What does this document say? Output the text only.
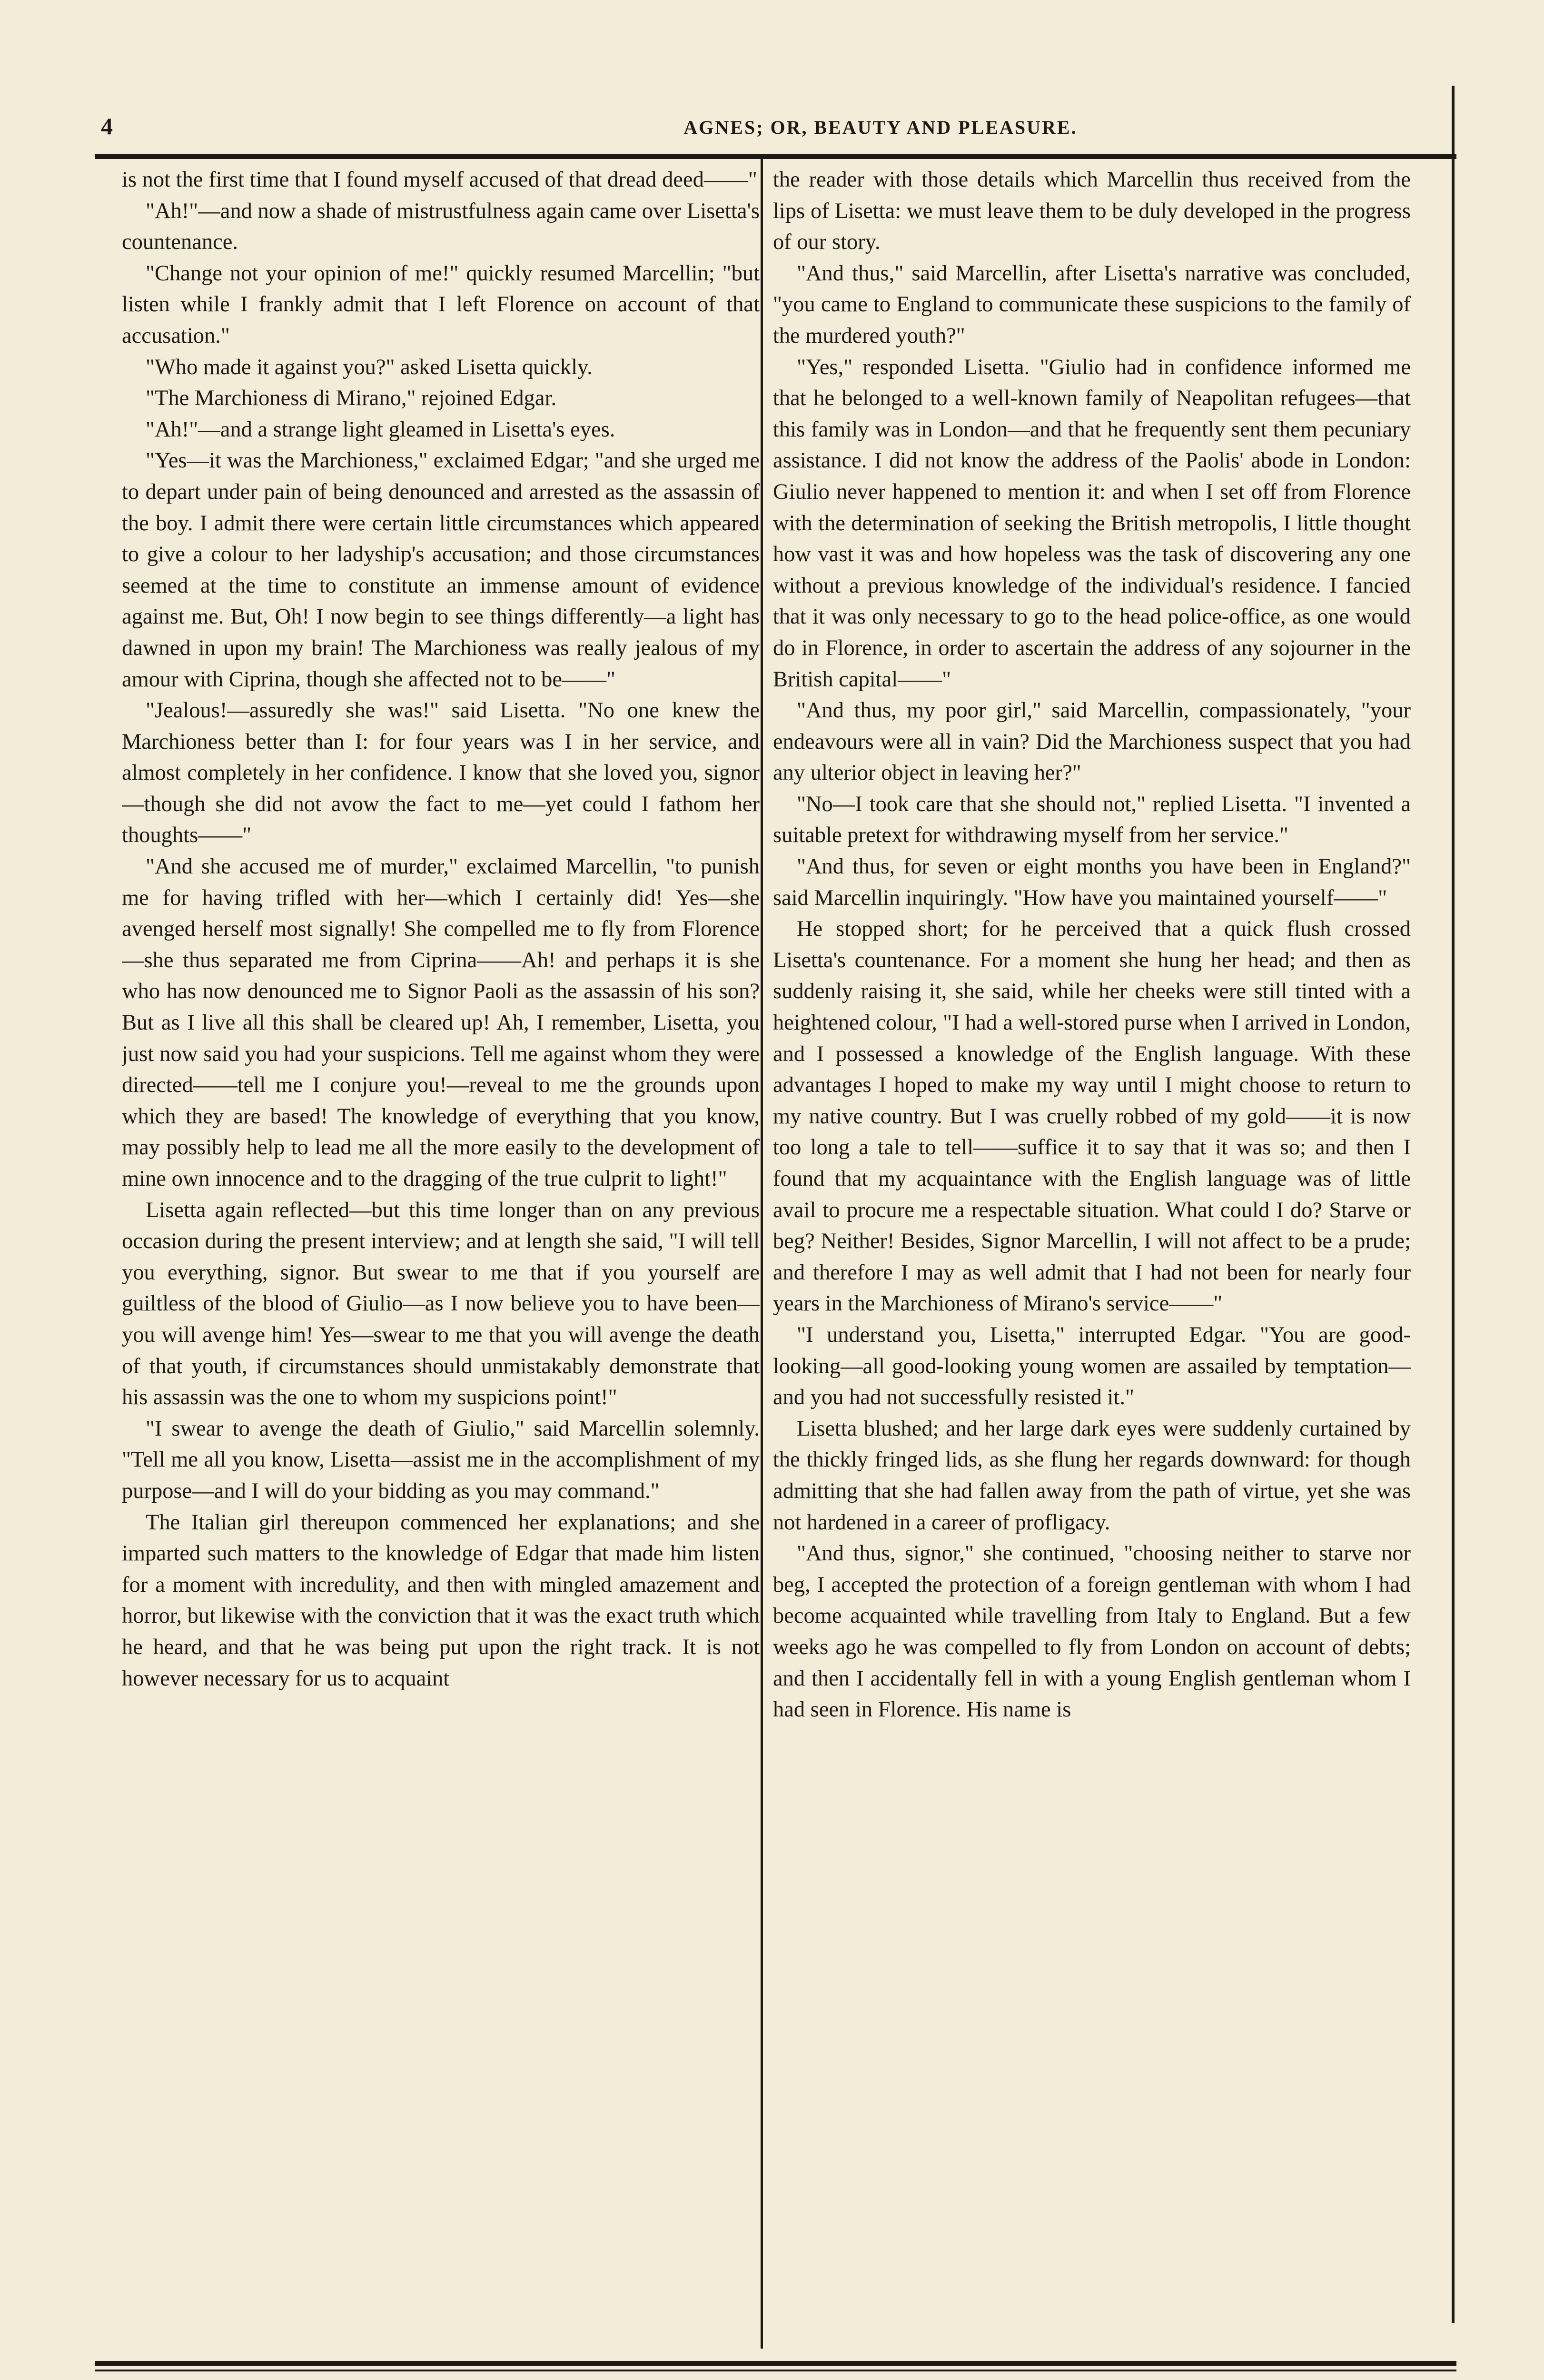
4	AGNES; OR, BEAUTY AND PLEASURE.

is not the first time that I found myself accused of that dread deed——"

"Ah!"—and now a shade of mistrustfulness again came over Lisetta's countenance.

"Change not your opinion of me!" quickly resumed Marcellin; "but listen while I frankly admit that I left Florence on account of that accusation."

"Who made it against you?" asked Lisetta quickly.

"The Marchioness di Mirano," rejoined Edgar.

"Ah!"—and a strange light gleamed in Lisetta's eyes.

"Yes—it was the Marchioness," exclaimed Edgar; "and she urged me to depart under pain of being denounced and arrested as the assassin of the boy. I admit there were certain little circumstances which appeared to give a colour to her ladyship's accusation; and those circumstances seemed at the time to constitute an immense amount of evidence against me. But, Oh! I now begin to see things differently—a light has dawned in upon my brain! The Marchioness was really jealous of my amour with Ciprina, though she affected not to be——"

"Jealous!—assuredly she was!" said Lisetta. "No one knew the Marchioness better than I: for four years was I in her service, and almost completely in her confidence. I know that she loved you, signor—though she did not avow the fact to me—yet could I fathom her thoughts——"

"And she accused me of murder," exclaimed Marcellin, "to punish me for having trifled with her—which I certainly did! Yes—she avenged herself most signally! She compelled me to fly from Florence—she thus separated me from Ciprina——Ah! and perhaps it is she who has now denounced me to Signor Paoli as the assassin of his son? But as I live all this shall be cleared up! Ah, I remember, Lisetta, you just now said you had your suspicions. Tell me against whom they were directed——tell me I conjure you!—reveal to me the grounds upon which they are based! The knowledge of everything that you know, may possibly help to lead me all the more easily to the development of mine own innocence and to the dragging of the true culprit to light!"

Lisetta again reflected—but this time longer than on any previous occasion during the present interview; and at length she said, "I will tell you everything, signor. But swear to me that if you yourself are guiltless of the blood of Giulio—as I now believe you to have been—you will avenge him! Yes—swear to me that you will avenge the death of that youth, if circumstances should unmistakably demonstrate that his assassin was the one to whom my suspicions point!"

"I swear to avenge the death of Giulio," said Marcellin solemnly. "Tell me all you know, Lisetta—assist me in the accomplishment of my purpose—and I will do your bidding as you may command."

The Italian girl thereupon commenced her explanations; and she imparted such matters to the knowledge of Edgar that made him listen for a moment with incredulity, and then with mingled amazement and horror, but likewise with the conviction that it was the exact truth which he heard, and that he was being put upon the right track. It is not however necessary for us to acquaint

the reader with those details which Marcellin thus received from the lips of Lisetta: we must leave them to be duly developed in the progress of our story.

"And thus," said Marcellin, after Lisetta's narrative was concluded, "you came to England to communicate these suspicions to the family of the murdered youth?"

"Yes," responded Lisetta. "Giulio had in confidence informed me that he belonged to a well-known family of Neapolitan refugees—that this family was in London—and that he frequently sent them pecuniary assistance. I did not know the address of the Paolis' abode in London: Giulio never happened to mention it: and when I set off from Florence with the determination of seeking the British metropolis, I little thought how vast it was and how hopeless was the task of discovering any one without a previous knowledge of the individual's residence. I fancied that it was only necessary to go to the head police-office, as one would do in Florence, in order to ascertain the address of any sojourner in the British capital——"

"And thus, my poor girl," said Marcellin, compassionately, "your endeavours were all in vain? Did the Marchioness suspect that you had any ulterior object in leaving her?"

"No—I took care that she should not," replied Lisetta. "I invented a suitable pretext for withdrawing myself from her service."

"And thus, for seven or eight months you have been in England?" said Marcellin inquiringly. "How have you maintained yourself——"

He stopped short; for he perceived that a quick flush crossed Lisetta's countenance. For a moment she hung her head; and then as suddenly raising it, she said, while her cheeks were still tinted with a heightened colour, "I had a well-stored purse when I arrived in London, and I possessed a knowledge of the English language. With these advantages I hoped to make my way until I might choose to return to my native country. But I was cruelly robbed of my gold——it is now too long a tale to tell——suffice it to say that it was so; and then I found that my acquaintance with the English language was of little avail to procure me a respectable situation. What could I do? Starve or beg? Neither! Besides, Signor Marcellin, I will not affect to be a prude; and therefore I may as well admit that I had not been for nearly four years in the Marchioness of Mirano's service——"

"I understand you, Lisetta," interrupted Edgar. "You are good-looking—all good-looking young women are assailed by temptation—and you had not successfully resisted it."

Lisetta blushed; and her large dark eyes were suddenly curtained by the thickly fringed lids, as she flung her regards downward: for though admitting that she had fallen away from the path of virtue, yet she was not hardened in a career of profligacy.

"And thus, signor," she continued, "choosing neither to starve nor beg, I accepted the protection of a foreign gentleman with whom I had become acquainted while travelling from Italy to England. But a few weeks ago he was compelled to fly from London on account of debts; and then I accidentally fell in with a young English gentleman whom I had seen in Florence. His name is
